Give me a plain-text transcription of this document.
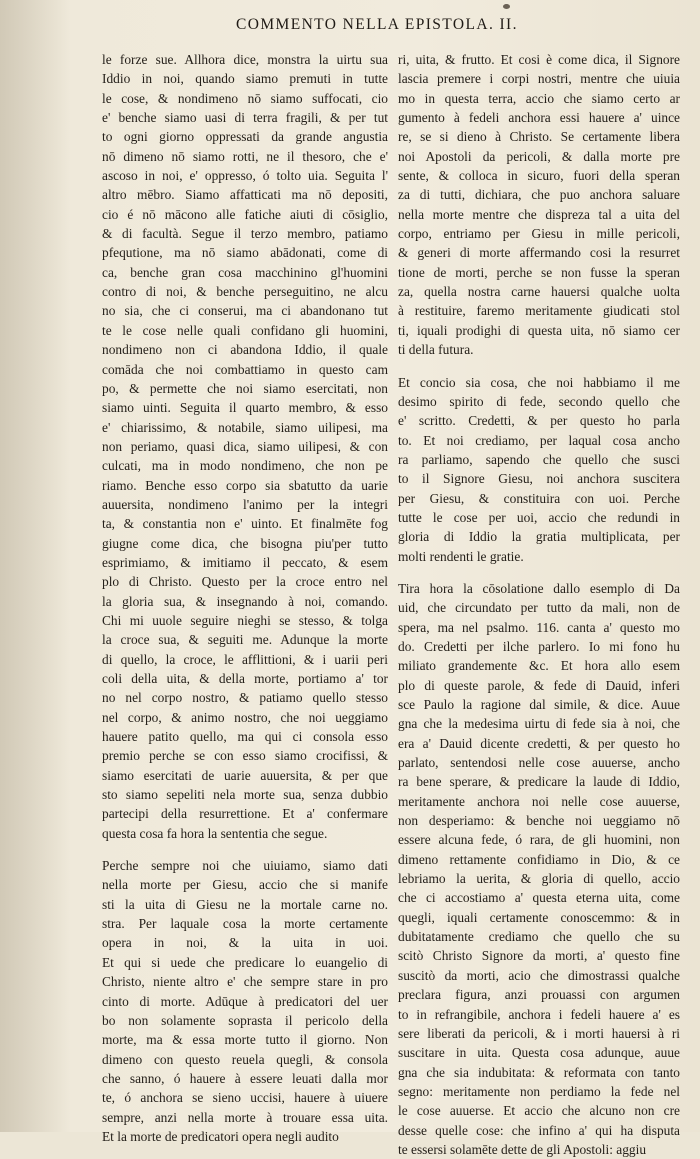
COMMENTO NELLA EPISTOLA. II.
le forze sue. Allhora dice, monstra la uirtu sua
Iddio in noi, quando siamo premuti in tutte
le cose, & nondimeno nō siamo suffocati, cio
e' benche siamo uasi di terra fragili, & per tut
to ogni giorno oppressati da grande angustia
nō dimeno nō siamo rotti, ne il thesoro, che e'
ascoso in noi, e' oppresso, ó tolto uia. Seguita l'
altro mēbro. Siamo affatticati ma nō depositi,
cio é nō mācono alle fatiche aiuti di cōsiglio,
& di facultà. Segue il terzo membro, patiamo
pfequtione, ma nō siamo abādonati, come di
ca, benche gran cosa macchinino gl'huomini
contro di noi, & benche perseguitino, ne alcu
no sia, che ci conserui, ma ci abandonano tut
te le cose nelle quali confidano gli huomini,
nondimeno non ci abandona Iddio, il quale
comāda che noi combattiamo in questo cam
po, & permette che noi siamo esercitati, non
siamo uinti. Seguita il quarto membro, & esso
e' chiarissimo, & notabile, siamo uilipesi, ma
non periamo, quasi dica, siamo uilipesi, & con
culcati, ma in modo nondimeno, che non pe
riamo. Benche esso corpo sia sbatutto da uarie
auuersita, nondimeno l'animo per la integri
ta, & constantia non e' uinto. Et finalmēte fog
giugne come dica, che bisogna piu'per tutto
esprimiamo, & imitiamo il peccato, & esem
plo di Christo. Questo per la croce entro nel
la gloria sua, & insegnando à noi, comando.
Chi mi uuole seguire nieghi se stesso, & tolga
la croce sua, & seguiti me. Adunque la morte
di quello, la croce, le afflittioni, & i uarii peri
coli della uita, & della morte, portiamo a' tor
no nel corpo nostro, & patiamo quello stesso
nel corpo, & animo nostro, che noi ueggiamo
hauere patito quello, ma qui ci consola esso
premio perche se con esso siamo crocifissi, &
siamo esercitati de uarie auuersita, & per que
sto siamo sepeliti nela morte sua, senza dubbio
partecipi della resurrettione. Et a' confermare
questa cosa fa hora la sententia che segue.
Perche sempre noi che uiuiamo, siamo dati
nella morte per Giesu, accio che si manife
sti la uita di Giesu ne la mortale carne no.
stra. Per laquale cosa la morte certamente
opera in noi, & la uita in uoi.
Et qui si uede che predicare lo euangelio di
Christo, niente altro e' che sempre stare in pro
cinto di morte. Adūque à predicatori del uer
bo non solamente soprasta il pericolo della
morte, ma & essa morte tutto il giorno. Non
dimeno con questo reuela quegli, & consola
che sanno, ó hauere à essere leuati dalla mor
te, ó anchora se sieno uccisi, hauere à uiuere
sempre, anzi nella morte à trouare essa uita.
Et la morte de predicatori opera negli audito
ri, uita, & frutto. Et cosi è come dica, il Signore
lascia premere i corpi nostri, mentre che uiuia
mo in questa terra, accio che siamo certo ar
gumento à fedeli anchora essi hauere a' uince
re, se si dieno à Christo. Se certamente libera
noi Apostoli da pericoli, & dalla morte pre
sente, & colloca in sicuro, fuori della speran
za di tutti, dichiara, che puo anchora saluare
nella morte mentre che dispreza tal a uita del
corpo, entriamo per Giesu in mille pericoli,
& generi di morte affermando cosi la resurret
tione de morti, perche se non fusse la speran
za, quella nostra carne hauersi qualche uolta
à restituire, faremo meritamente giudicati stol
ti, iquali prodighi di questa uita, nō siamo cer
ti della futura.
Et concio sia cosa, che noi habbiamo il me
desimo spirito di fede, secondo quello che
e' scritto. Credetti, & per questo ho parla
to. Et noi crediamo, per laqual cosa ancho
ra parliamo, sapendo che quello che susci
to il Signore Giesu, noi anchora suscitera
per Giesu, & constituira con uoi. Perche
tutte le cose per uoi, accio che redundi in
gloria di Iddio la gratia multiplicata, per
molti rendenti le gratie.
Tira hora la cōsolatione dallo esemplo di Da
uid, che circundato per tutto da mali, non de
spera, ma nel psalmo. 116. canta a' questo mo
do. Credetti per ilche parlero. Io mi fono hu
miliato grandemente &c. Et hora allo esem
plo di queste parole, & fede di Dauid, inferi
sce Paulo la ragione dal simile, & dice. Auue
gna che la medesima uirtu di fede sia à noi, che
era a' Dauid dicente credetti, & per questo ho
parlato, sentendosi nelle cose auuerse, ancho
ra bene sperare, & predicare la laude di Iddio,
meritamente anchora noi nelle cose auuerse,
non desperiamo: & benche noi ueggiamo nō
essere alcuna fede, ó rara, de gli huomini, non
dimeno rettamente confidiamo in Dio, & ce
lebriamo la uerita, & gloria di quello, accio
che ci accostiamo a' questa eterna uita, come
quegli, iquali certamente conoscemmo: & in
dubitatamente crediamo che quello che su
scitò Christo Signore da morti, a' questo fine
suscitò da morti, acio che dimostrassi qualche
preclara figura, anzi prouassi con argumen
to in refrangibile, anchora i fedeli hauere a' es
sere liberati da pericoli, & i morti hauersi à ri
suscitare in uita. Questa cosa adunque, auue
gna che sia indubitata: & reformata con tanto
segno: meritamente non perdiamo la fede nel
le cose auuerse. Et accio che alcuno non cre
desse quelle cose: che infino a' qui ha disputa
te essersi solamēte dette de gli Apostoli: aggiu
